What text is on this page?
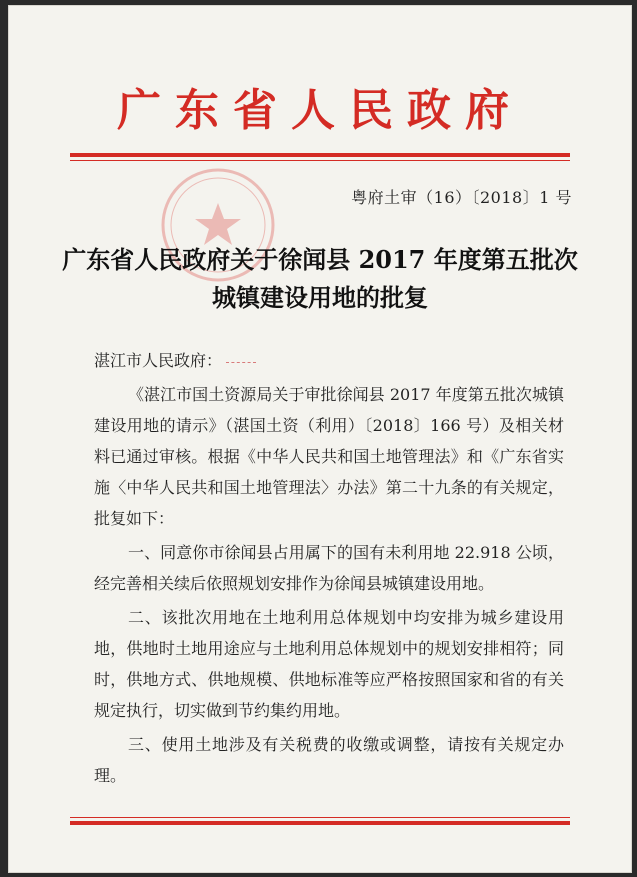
广东省人民政府
粤府土审（16）〔2018〕1 号
广东省人民政府关于徐闻县 2017 年度第五批次
城镇建设用地的批复

湛江市人民政府：

《湛江市国土资源局关于审批徐闻县 2017 年度第五批次城镇建设用地的请示》（湛国土资（利用）〔2018〕166 号）及相关材料已通过审核。根据《中华人民共和国土地管理法》和《广东省实施〈中华人民共和国土地管理法〉办法》第二十九条的有关规定，批复如下：

一、同意你市徐闻县占用属下的国有未利用地 22.918 公顷，经完善相关续后依照规划安排作为徐闻县城镇建设用地。

二、该批次用地在土地利用总体规划中均安排为城乡建设用地，供地时土地用途应与土地利用总体规划中的规划安排相符；同时，供地方式、供地规模、供地标准等应严格按照国家和省的有关规定执行，切实做到节约集约用地。

三、使用土地涉及有关税费的收缴或调整，请按有关规定办理。
